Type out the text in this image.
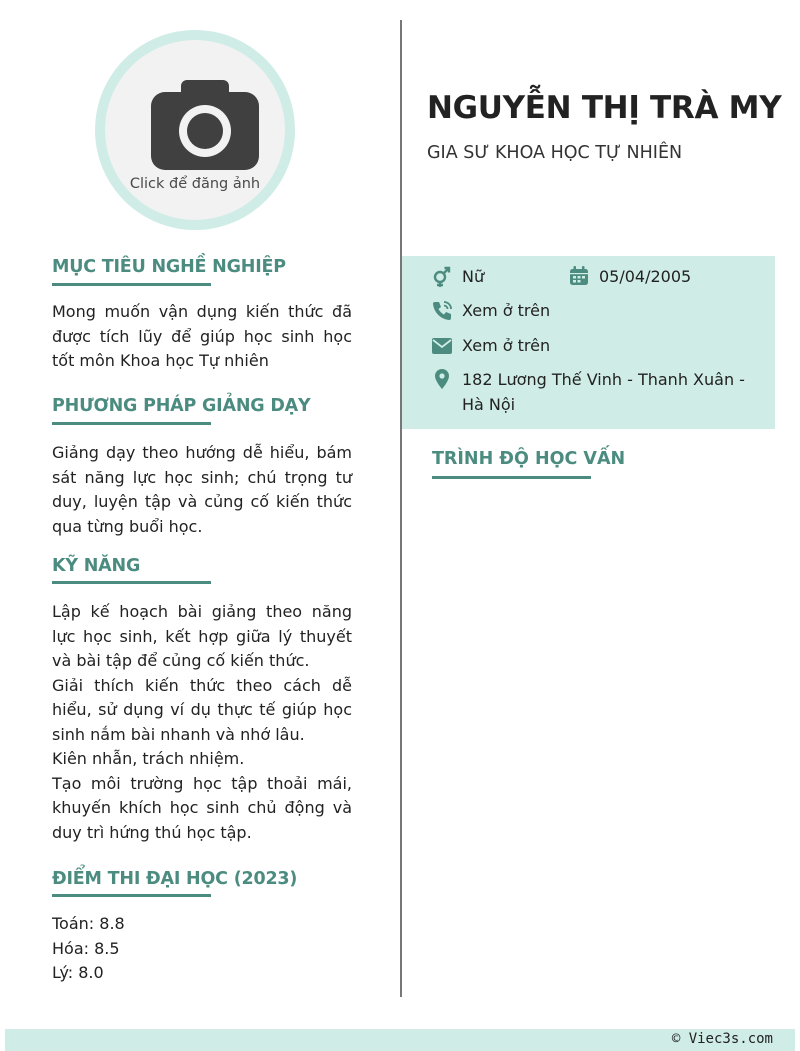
Click để đăng ảnh
MỤC TIÊU NGHỀ NGHIỆP

Mong muốn vận dụng kiến thức đã được tích lũy để giúp học sinh học tốt môn Khoa học Tự nhiên

PHƯƠNG PHÁP GIẢNG DẠY

Giảng dạy theo hướng dễ hiểu, bám sát năng lực học sinh; chú trọng tư duy, luyện tập và củng cố kiến thức qua từng buổi học.

KỸ NĂNG

Lập kế hoạch bài giảng theo năng lực học sinh, kết hợp giữa lý thuyết và bài tập để củng cố kiến thức.

Giải thích kiến thức theo cách dễ hiểu, sử dụng ví dụ thực tế giúp học sinh nắm bài nhanh và nhớ lâu.

Kiên nhẫn, trách nhiệm.

Tạo môi trường học tập thoải mái, khuyến khích học sinh chủ động và duy trì hứng thú học tập.

ĐIỂM THI ĐẠI HỌC (2023)
Toán: 8.8
Hóa: 8.5
Lý: 8.0
NGUYỄN THỊ TRÀ MY
GIA SƯ KHOA HỌC TỰ NHIÊN
Nữ	05/04/2005
Xem ở trên
Xem ở trên
182 Lương Thế Vinh - Thanh Xuân -
Hà Nội
TRÌNH ĐỘ HỌC VẤN
© Viec3s.com
